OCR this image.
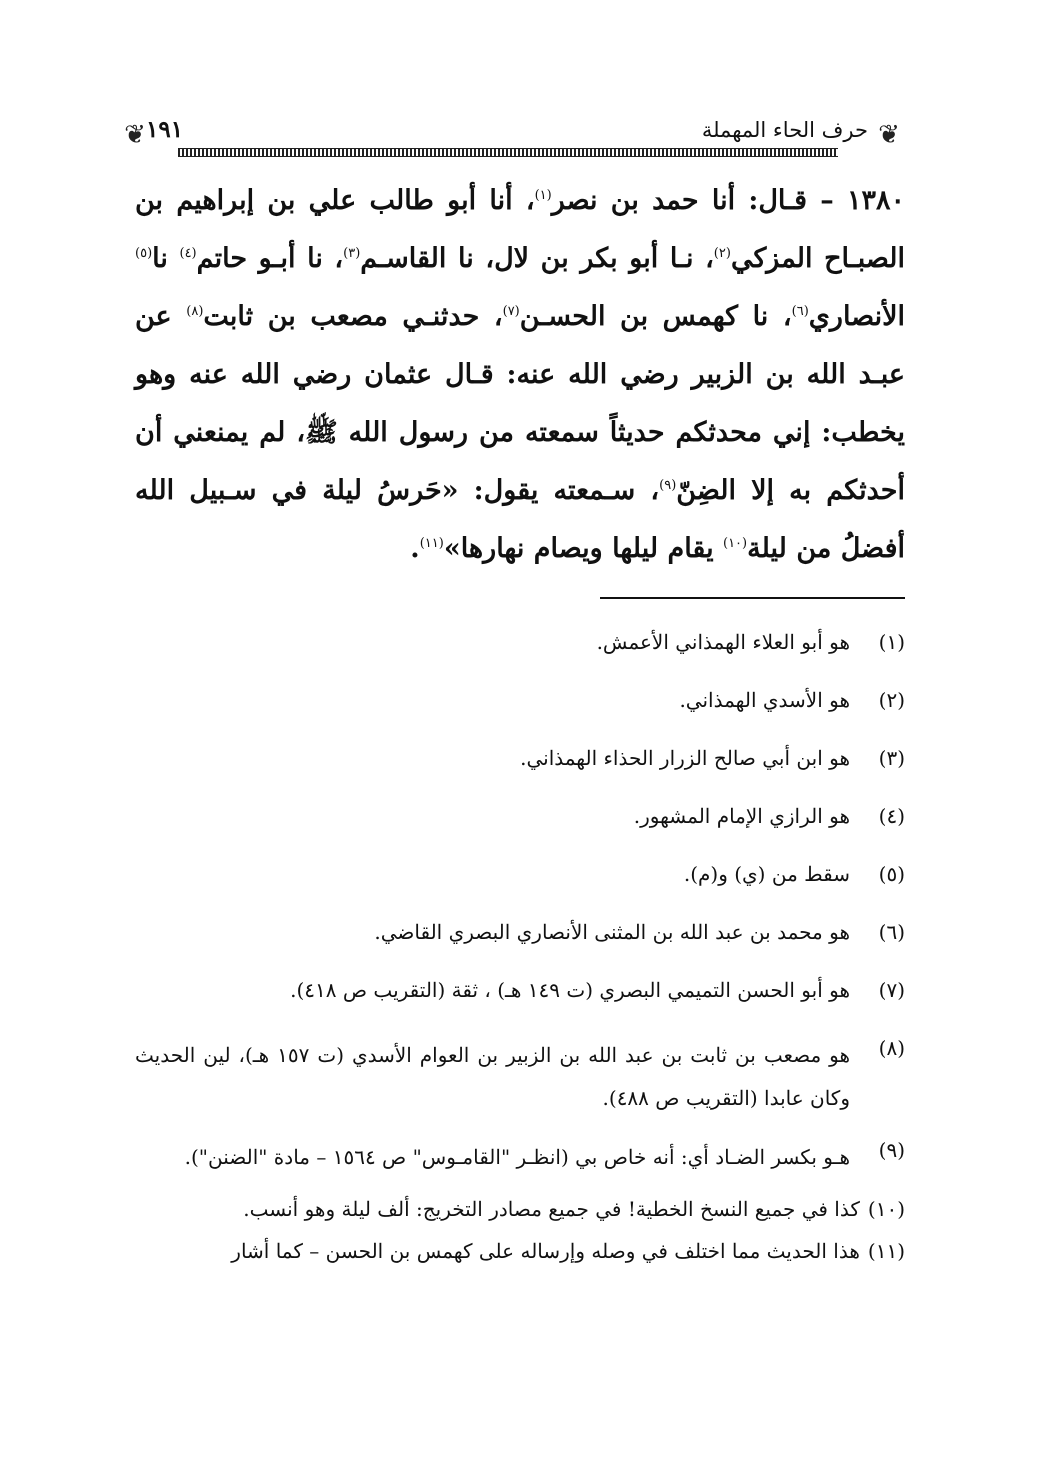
❦
حرف الحاء المهملة
١٩١
❦

١٣٨٠ – قـال: أنا حمد بن نصر$^{(١)}$، أنا أبو طالب علي بن إبراهيم بن الصبـاح المزكي$^{(٢)}$، نـا أبو بكر بن لال، نا القاسـم$^{(٣)}$، نا أبـو حاتم$^{(٤)}$ نا$^{(٥)}$ الأنصاري$^{(٦)}$، نا كهمس بن الحسـن$^{(٧)}$، حدثنـي مصعب بن ثابت$^{(٨)}$ عن عبـد الله بن الزبير رضي الله عنه: قـال عثمان رضي الله عنه وهو يخطب: إني محدثكم حديثاً سمعته من رسول الله ﷺ، لم يمنعني أن أحدثكم به إلا الضِنّ$^{(٩)}$، سـمعته يقول: «حَرسُ ليلة في سـبيل الله أفضلُ من ليلة$^{(١٠)}$ يقام ليلها ويصام نهارها»$^{(١١)}$.

(١)
هو أبو العلاء الهمذاني الأعمش.
(٢)
هو الأسدي الهمذاني.
(٣)
هو ابن أبي صالح الزرار الحذاء الهمذاني.
(٤)
هو الرازي الإمام المشهور.
(٥)
سقط من (ي) و(م).
(٦)
هو محمد بن عبد الله بن المثنى الأنصاري البصري القاضي.
(٧)
هو أبو الحسن التميمي البصري (ت ١٤٩ هـ) ، ثقة (التقريب ص ٤١٨).
(٨)
هو مصعب بن ثابت بن عبد الله بن الزبير بن العوام الأسدي (ت ١٥٧ هـ)، لين الحديث وكان عابدا (التقريب ص ٤٨٨).
(٩)
هـو بكسر الضـاد أي: أنه خاص بي (انظـر "القامـوس" ص ١٥٦٤ – مادة "الضنن").
(١٠)
كذا في جميع النسخ الخطية! في جميع مصادر التخريج: ألف ليلة وهو أنسب.
(١١)
هذا الحديث مما اختلف في وصله وإرساله على كهمس بن الحسن – كما أشار
